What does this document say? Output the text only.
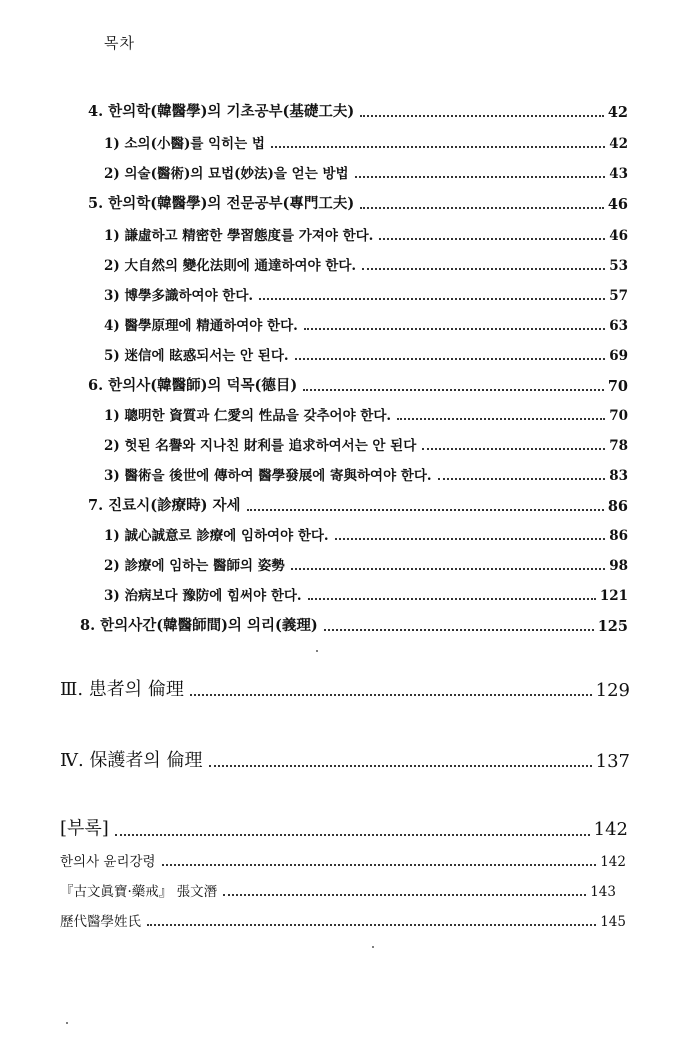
목차
4. 한의학(韓醫學)의 기초공부(基礎工夫)	42
1) 소의(小醫)를 익히는 법	42
2) 의술(醫術)의 묘법(妙法)을 얻는 방법	43
5. 한의학(韓醫學)의 전문공부(專門工夫)	46
1) 謙虛하고 精密한 學習態度를 가져야 한다.	46
2) 大自然의 變化法則에 通達하여야 한다.	53
3) 博學多識하여야 한다.	57
4) 醫學原理에 精通하여야 한다.	63
5) 迷信에 眩惑되서는 안 된다.	69
6. 한의사(韓醫師)의 덕목(德目)	70
1) 聰明한 資質과 仁愛의 性品을 갖추어야 한다.	70
2) 헛된 名譽와 지나친 財利를 追求하여서는 안 된다	78
3) 醫術을 後世에 傳하여 醫學發展에 寄與하여야 한다.	83
7. 진료시(診療時) 자세	86
1) 誠心誠意로 診療에 임하여야 한다.	86
2) 診療에 임하는 醫師의 姿勢	98
3) 治病보다 豫防에 힘써야 한다.	121
8. 한의사간(韓醫師間)의 의리(義理)	125
Ⅲ. 患者의 倫理	129
Ⅳ. 保護者의 倫理	137
[부록]	142
한의사 윤리강령	142
『古文眞寶·藥戒』 張文潛	143
歷代醫學姓氏	145
